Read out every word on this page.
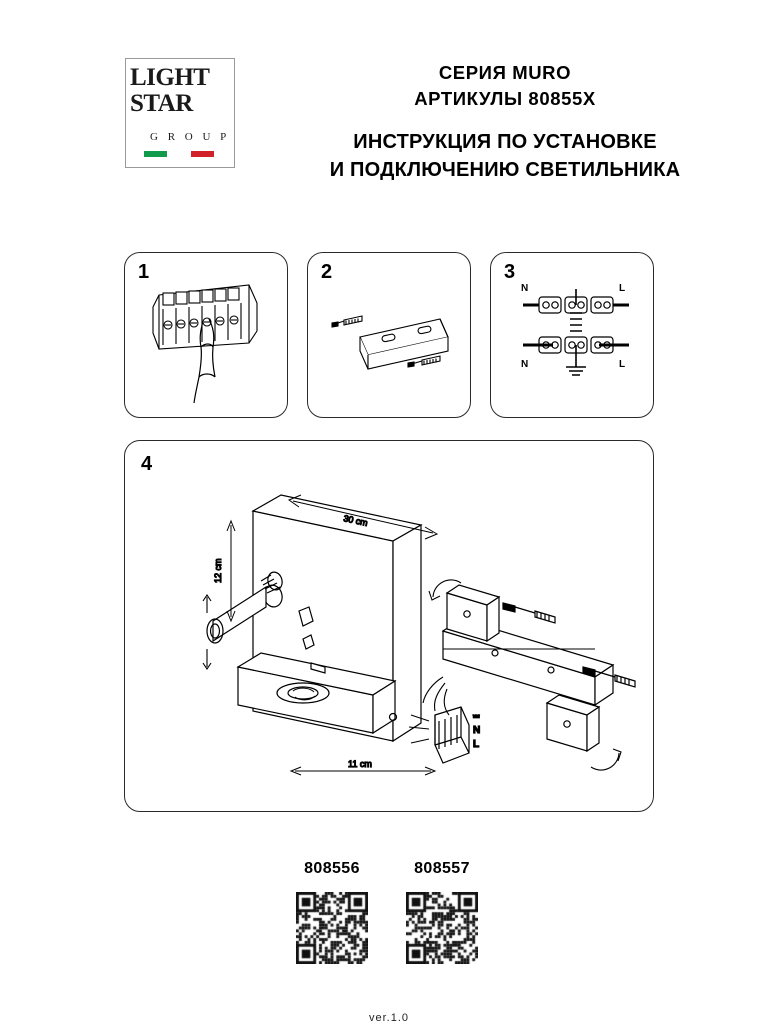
LIGHT
STAR
G R O U P
СЕРИЯ MURO
АРТИКУЛЫ 80855X
ИНСТРУКЦИЯ ПО УСТАНОВКЕ
И ПОДКЛЮЧЕНИЮ СВЕТИЛЬНИКА
1	2	3
N	L
N	L
4
12 cm
30 cm
11 cm
⏕
N
L
808556	808557
ver.1.0
